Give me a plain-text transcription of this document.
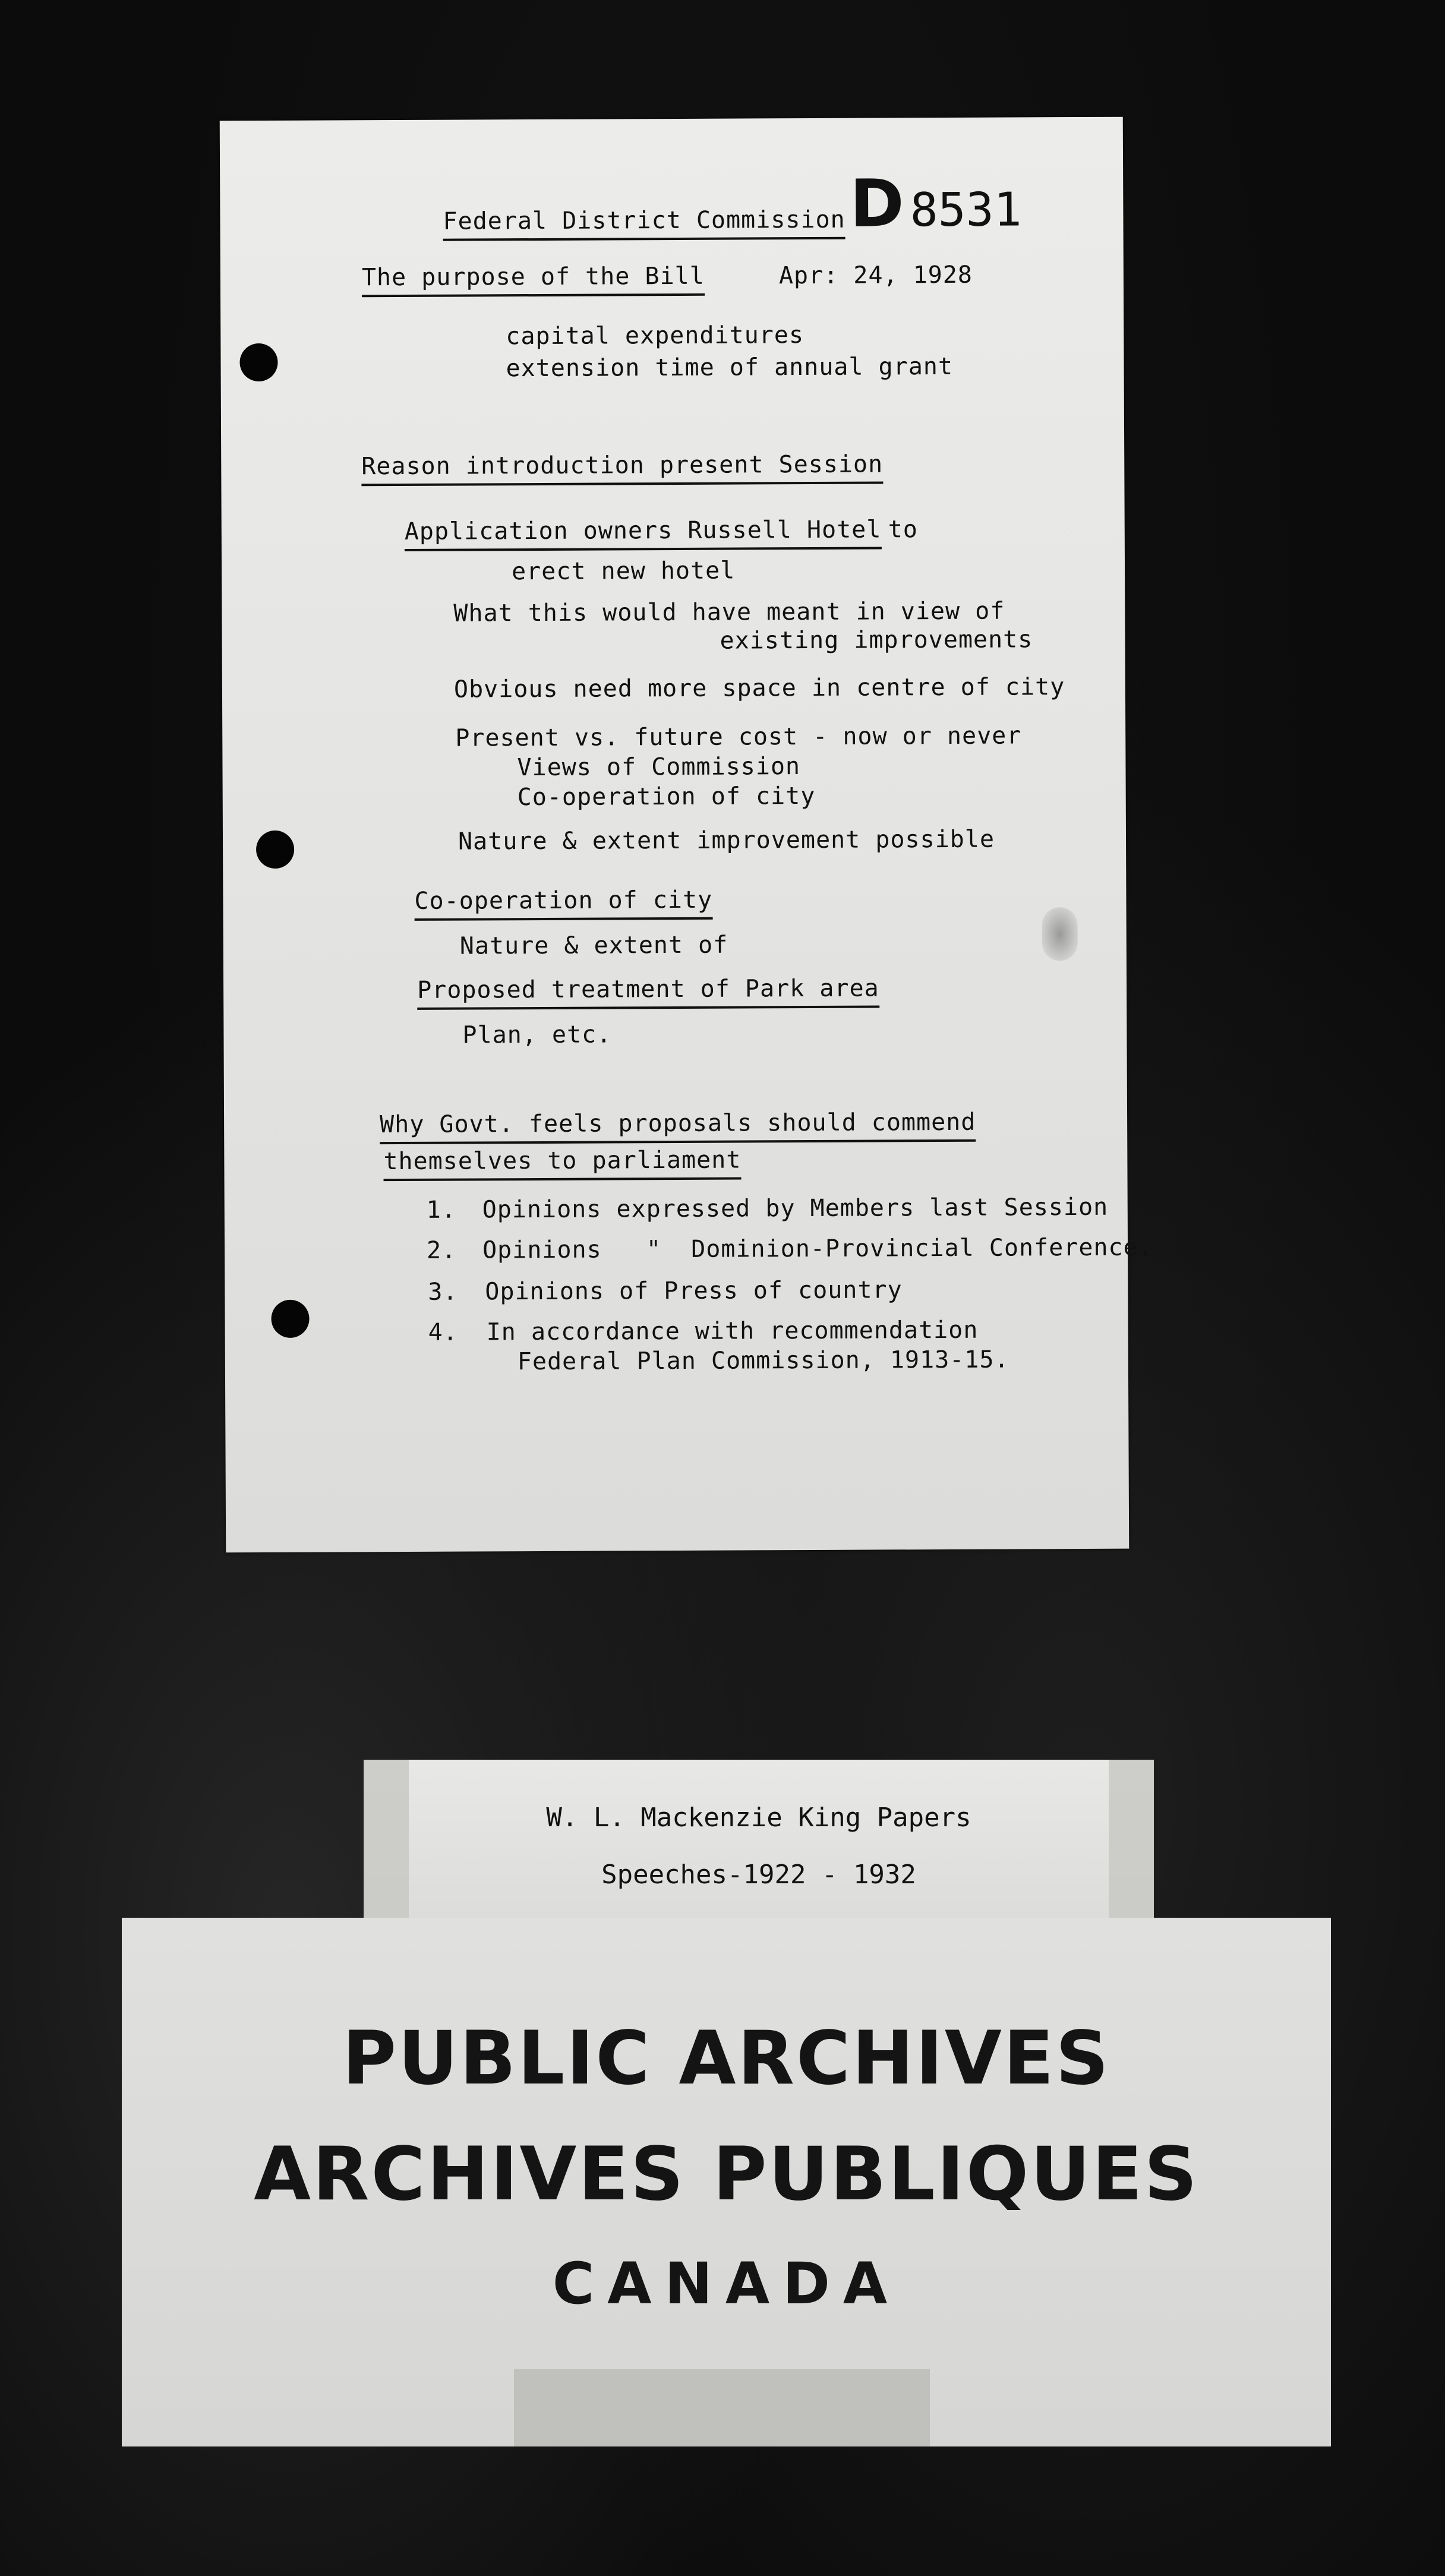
Federal District Commission D 8531
The purpose of the Bill	Apr: 24, 1928
capital expenditures
extension time of annual grant
Reason introduction present Session
Application owners Russell Hotel to
erect new hotel
What this would have meant in view of
existing improvements
Obvious need more space in centre of city
Present vs. future cost - now or never
Views of Commission
Co-operation of city
Nature & extent improvement possible
Co-operation of city
Nature & extent of
Proposed treatment of Park area
Plan, etc.
Why Govt. feels proposals should commend
themselves to parliament
1. Opinions expressed by Members last Session
2. Opinions   "  Dominion-Provincial Conference.
3. Opinions of Press of country
4. In accordance with recommendation
Federal Plan Commission, 1913-15.
W. L. Mackenzie King Papers
Speeches-1922 - 1932
PUBLIC ARCHIVES
ARCHIVES PUBLIQUES
CANADA
